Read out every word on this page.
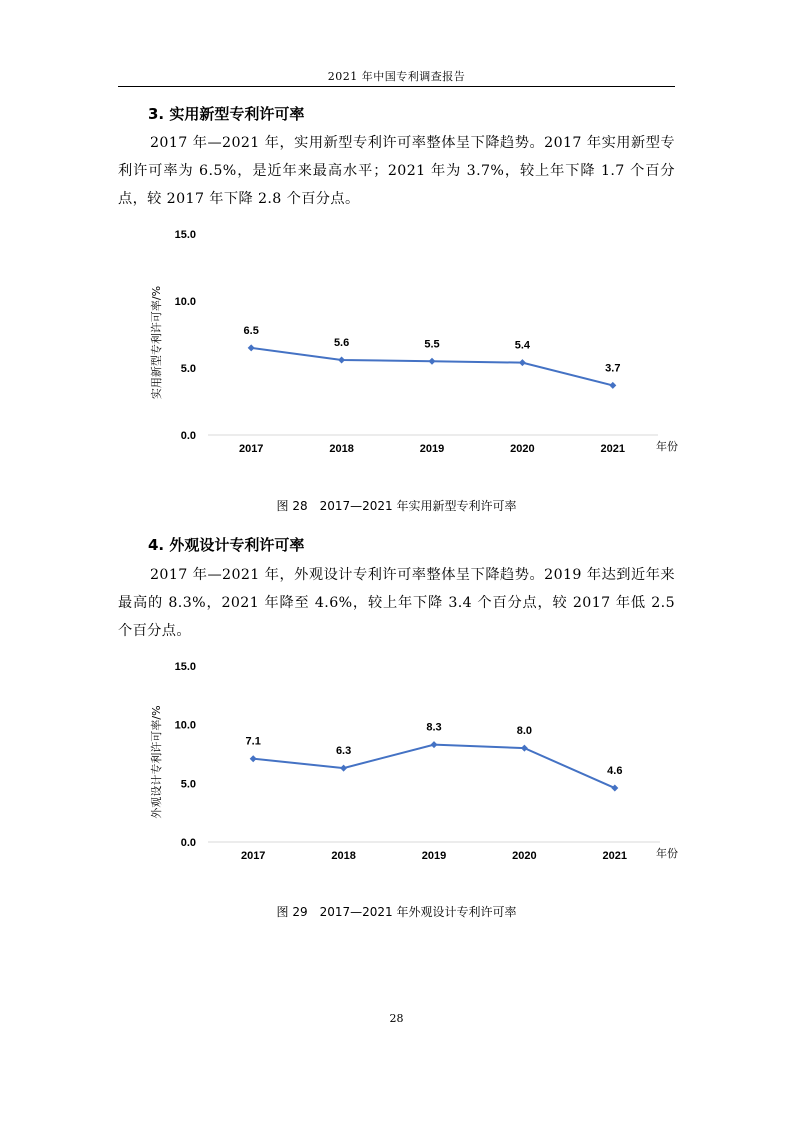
2021 年中国专利调查报告
3. 实用新型专利许可率
2017 年—2021 年，实用新型专利许可率整体呈下降趋势。2017 年实用新型专利许可率为 6.5%，是近年来最高水平；2021 年为 3.7%，较上年下降 1.7 个百分点，较 2017 年下降 2.8 个百分点。
0.0
5.0
10.0
15.0
2017	2018	2019	2020	2021	年份
实用新型专利许可率/%	6.5
5.6	5.5	5.4
3.7
图 28　2017—2021 年实用新型专利许可率
4. 外观设计专利许可率
2017 年—2021 年，外观设计专利许可率整体呈下降趋势。2019 年达到近年来最高的 8.3%，2021 年降至 4.6%，较上年下降 3.4 个百分点，较 2017 年低 2.5 个百分点。
0.0
5.0
10.0
15.0
2017	2018	2019	2020	2021	年份
外观设计专利许可率/%	7.1
6.3
8.3	8.0
4.6
图 29　2017—2021 年外观设计专利许可率
28
